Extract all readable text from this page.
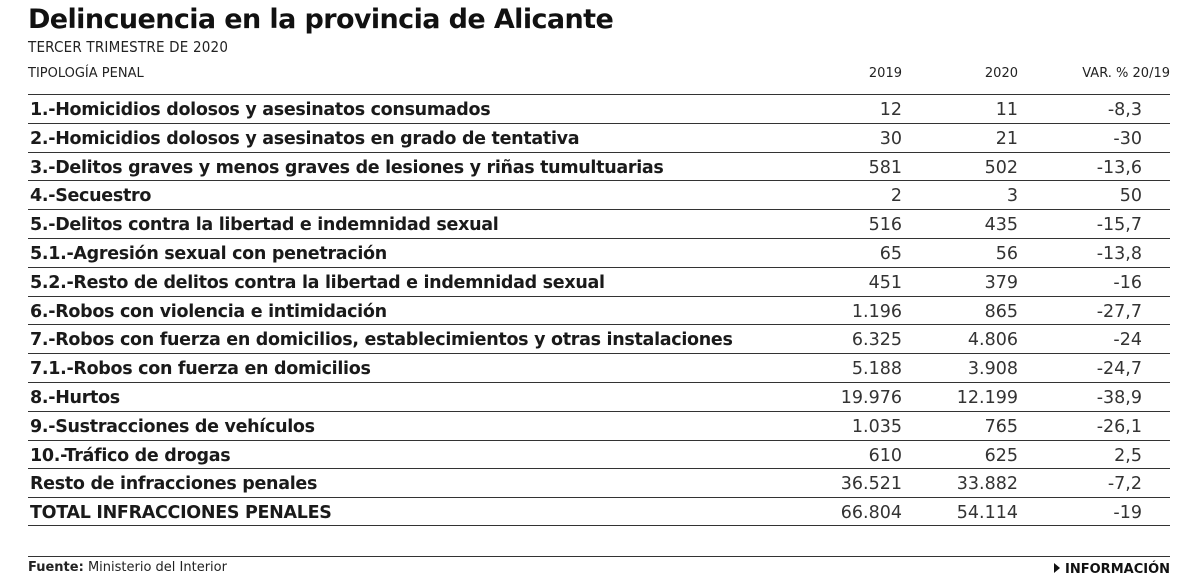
Delincuencia en la provincia de Alicante
TERCER TRIMESTRE DE 2020
TIPOLOGÍA PENAL	2019	2020	VAR. % 20/19
1.-Homicidios dolosos y asesinatos consumados	12	11	-8,3
2.-Homicidios dolosos y asesinatos en grado de tentativa	30	21	-30
3.-Delitos graves y menos graves de lesiones y riñas tumultuarias	581	502	-13,6
4.-Secuestro	2	3	50
5.-Delitos contra la libertad e indemnidad sexual	516	435	-15,7
5.1.-Agresión sexual con penetración	65	56	-13,8
5.2.-Resto de delitos contra la libertad e indemnidad sexual	451	379	-16
6.-Robos con violencia e intimidación	1.196	865	-27,7
7.-Robos con fuerza en domicilios, establecimientos y otras instalaciones	6.325	4.806	-24
7.1.-Robos con fuerza en domicilios	5.188	3.908	-24,7
8.-Hurtos	19.976	12.199	-38,9
9.-Sustracciones de vehículos	1.035	765	-26,1
10.-Tráfico de drogas	610	625	2,5
Resto de infracciones penales	36.521	33.882	-7,2
TOTAL INFRACCIONES PENALES	66.804	54.114	-19
Fuente: Ministerio del Interior	INFORMACIÓN
